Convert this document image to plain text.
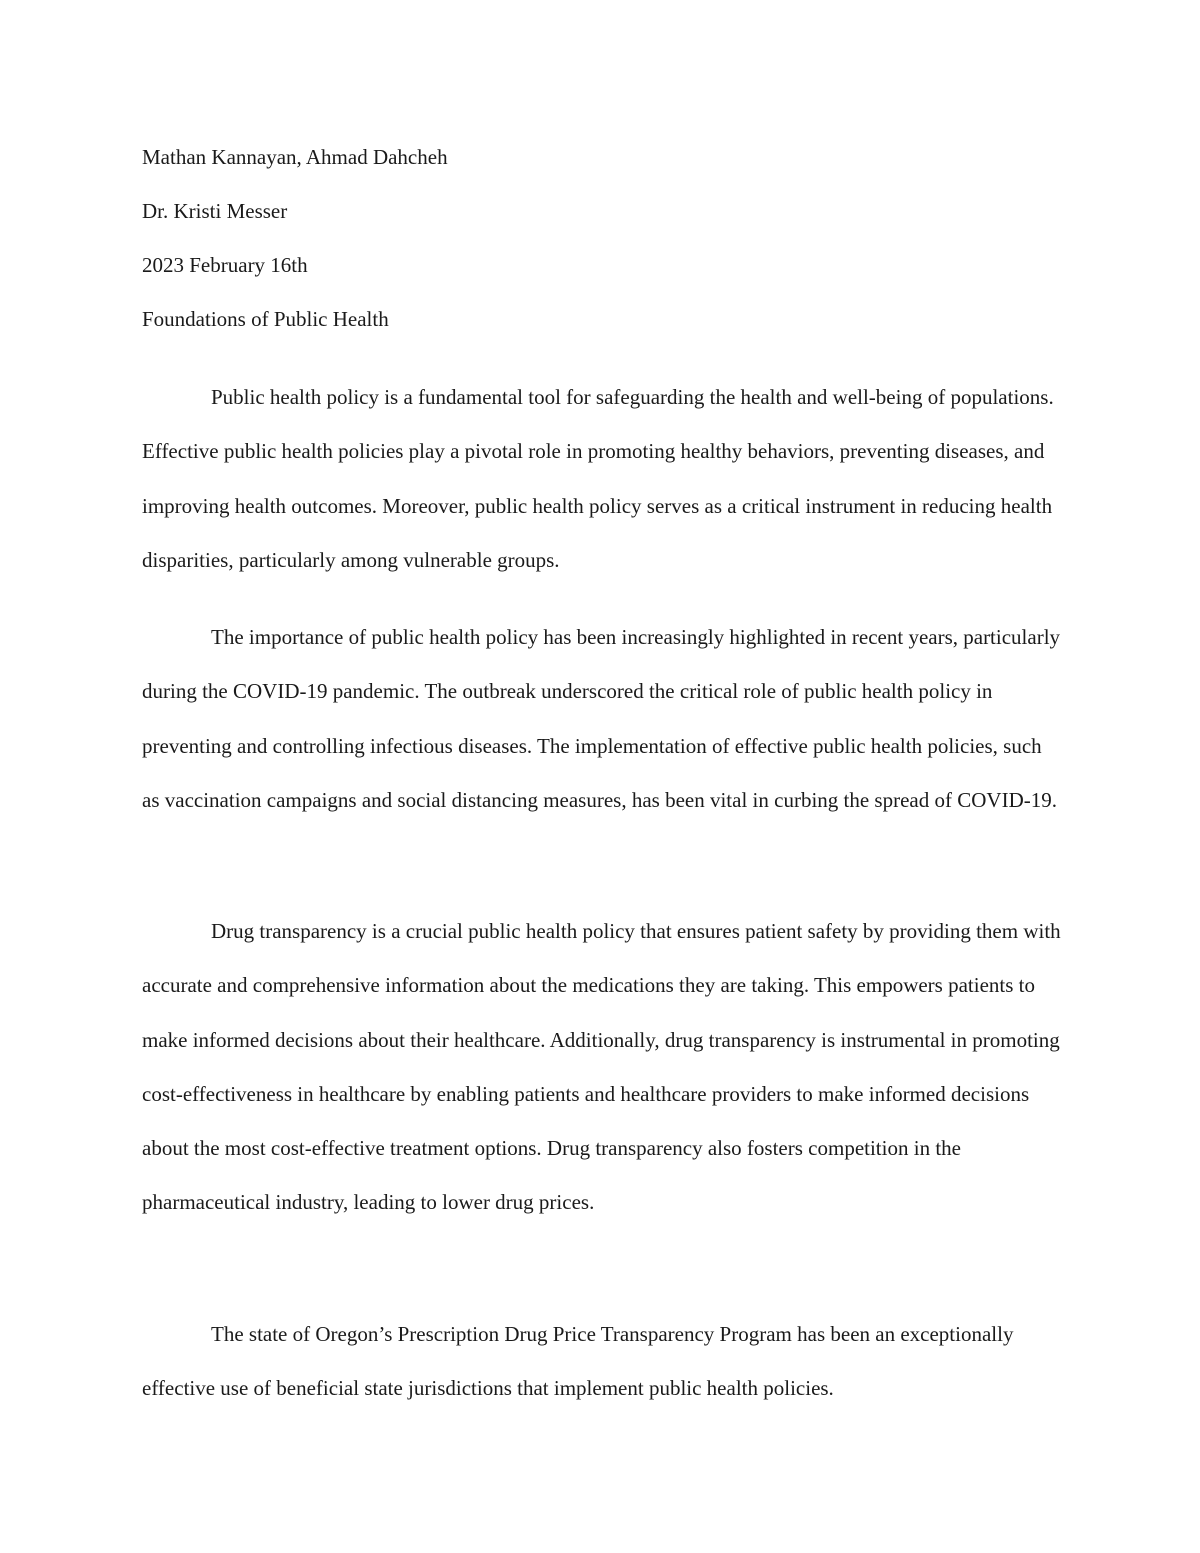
Mathan Kannayan, Ahmad Dahcheh
Dr. Kristi Messer
2023 February 16th
Foundations of Public Health

Public health policy is a fundamental tool for safeguarding the health and well-being of populations. Effective public health policies play a pivotal role in promoting healthy behaviors, preventing diseases, and improving health outcomes. Moreover, public health policy serves as a critical instrument in reducing health disparities, particularly among vulnerable groups.

The importance of public health policy has been increasingly highlighted in recent years, particularly during the COVID-19 pandemic. The outbreak underscored the critical role of public health policy in preventing and controlling infectious diseases. The implementation of effective public health policies, such as vaccination campaigns and social distancing measures, has been vital in curbing the spread of COVID-19.

Drug transparency is a crucial public health policy that ensures patient safety by providing them with accurate and comprehensive information about the medications they are taking. This empowers patients to make informed decisions about their healthcare. Additionally, drug transparency is instrumental in promoting cost-effectiveness in healthcare by enabling patients and healthcare providers to make informed decisions about the most cost-effective treatment options. Drug transparency also fosters competition in the pharmaceutical industry, leading to lower drug prices.

The state of Oregon’s Prescription Drug Price Transparency Program has been an exceptionally effective use of beneficial state jurisdictions that implement public health policies.
